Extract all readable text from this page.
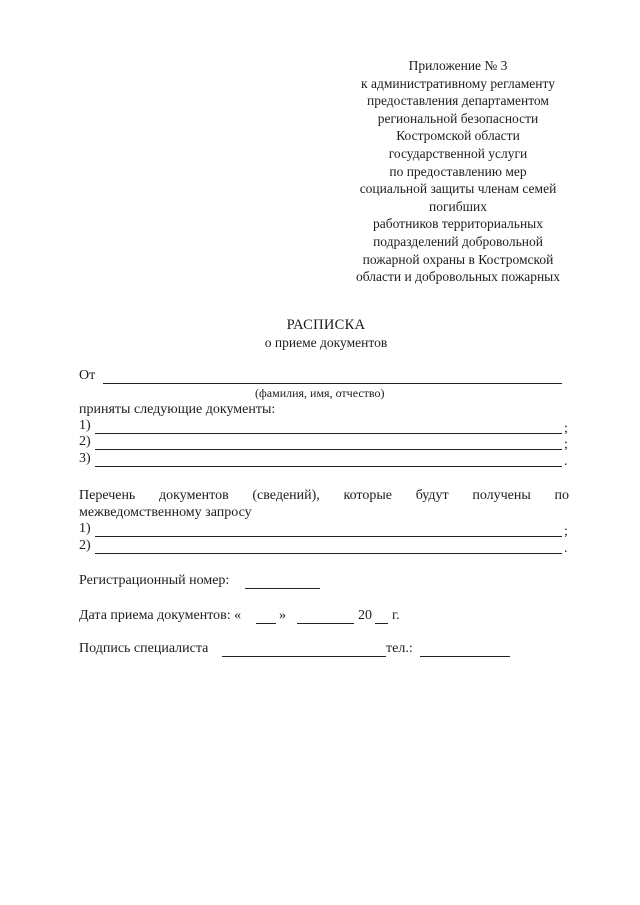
Приложение № 3
к административному регламенту
предоставления департаментом
региональной безопасности
Костромской области
государственной услуги
по предоставлению мер
социальной защиты членам семей
погибших
работников территориальных
подразделений добровольной
пожарной охраны в Костромской
области и добровольных пожарных
РАСПИСКА
о приеме документов
От
(фамилия, имя, отчество)
приняты следующие документы:
1)	;
2)	;
3)	.
Перечень документов (сведений), которые будут получены по
межведомственному запросу
1)	;
2)	.
Регистрационный номер:
Дата приема документов: «	»	20 г.
Подпись специалиста	тел.:
